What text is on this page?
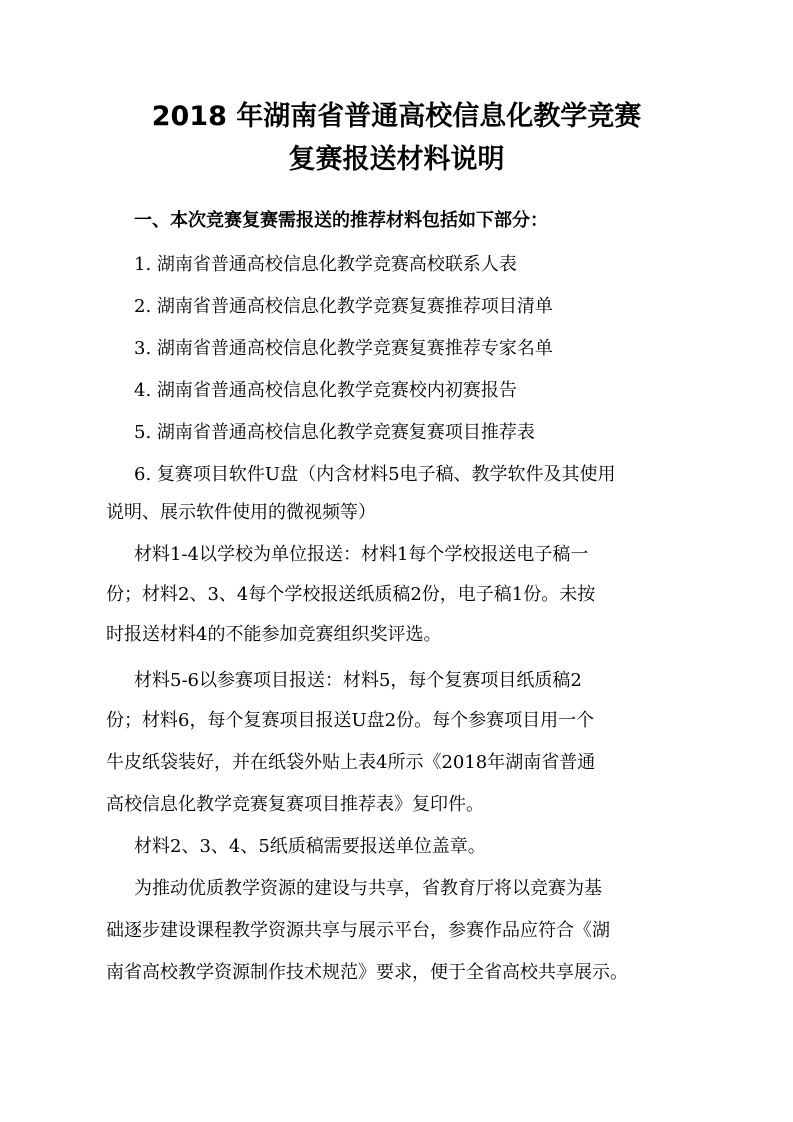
2018 年湖南省普通高校信息化教学竞赛
复赛报送材料说明
一、本次竞赛复赛需报送的推荐材料包括如下部分：
1. 湖南省普通高校信息化教学竞赛高校联系人表
2. 湖南省普通高校信息化教学竞赛复赛推荐项目清单
3. 湖南省普通高校信息化教学竞赛复赛推荐专家名单
4. 湖南省普通高校信息化教学竞赛校内初赛报告
5. 湖南省普通高校信息化教学竞赛复赛项目推荐表
6. 复赛项目软件U盘（内含材料5电子稿、教学软件及其使用
说明、展示软件使用的微视频等）
材料1-4以学校为单位报送：材料1每个学校报送电子稿一
份；材料2、3、4每个学校报送纸质稿2份，电子稿1份。未按
时报送材料4的不能参加竞赛组织奖评选。
材料5-6以参赛项目报送：材料5，每个复赛项目纸质稿2
份；材料6，每个复赛项目报送U盘2份。每个参赛项目用一个
牛皮纸袋装好，并在纸袋外贴上表4所示《2018年湖南省普通
高校信息化教学竞赛复赛项目推荐表》复印件。
材料2、3、4、5纸质稿需要报送单位盖章。
为推动优质教学资源的建设与共享，省教育厅将以竞赛为基
础逐步建设课程教学资源共享与展示平台，参赛作品应符合《湖
南省高校教学资源制作技术规范》要求，便于全省高校共享展示。
